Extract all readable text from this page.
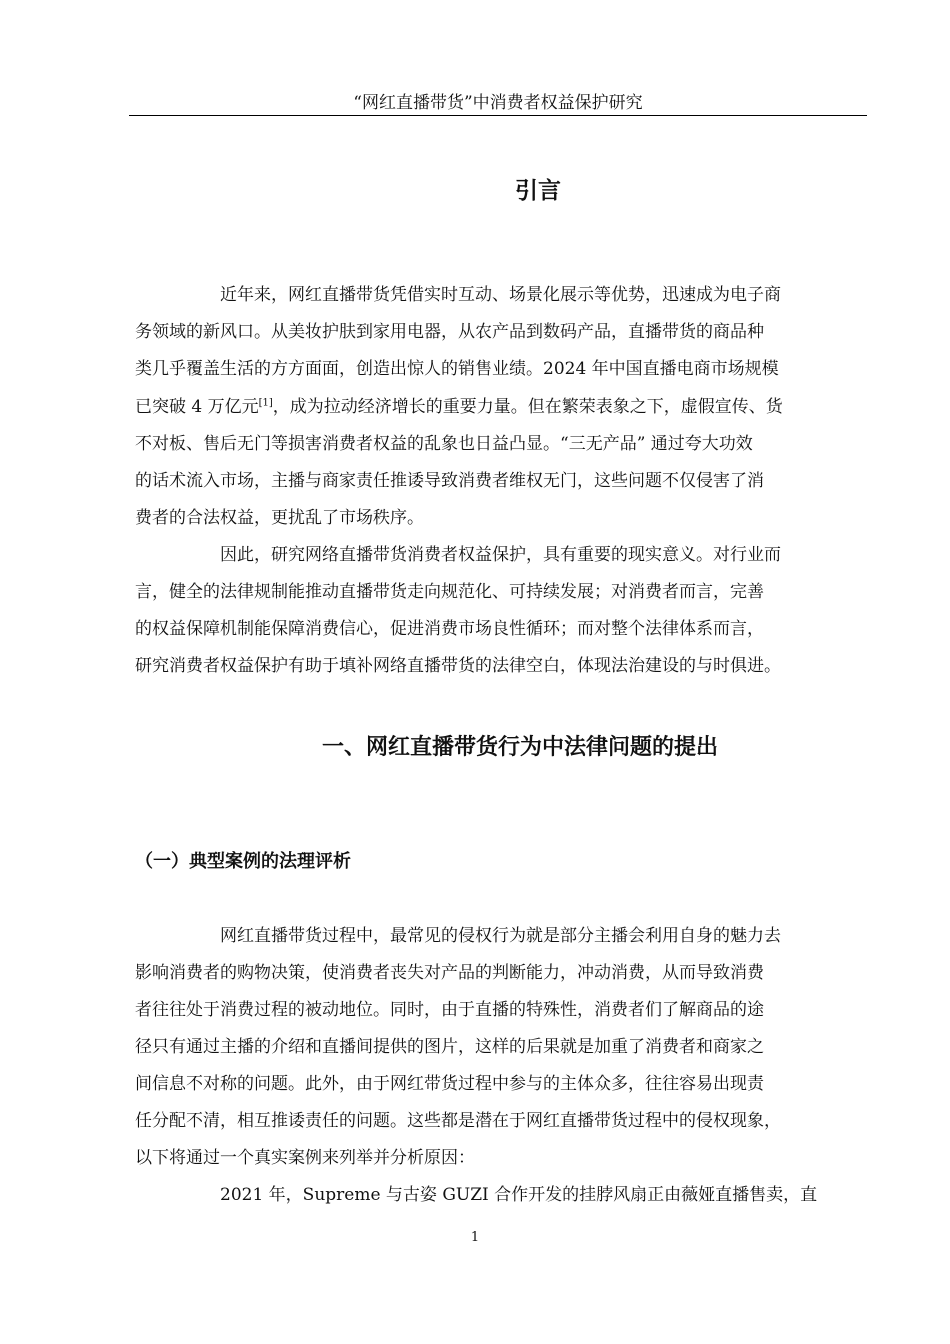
“网红直播带货”中消费者权益保护研究
引言
近年来，网红直播带货凭借实时互动、场景化展示等优势，迅速成为电子商
务领域的新风口。从美妆护肤到家用电器，从农产品到数码产品，直播带货的商品种
类几乎覆盖生活的方方面面，创造出惊人的销售业绩。2024 年中国直播电商市场规模
已突破 4 万亿元[1]，成为拉动经济增长的重要力量。但在繁荣表象之下，虚假宣传、货
不对板、售后无门等损害消费者权益的乱象也日益凸显。“三无产品” 通过夸大功效
的话术流入市场，主播与商家责任推诿导致消费者维权无门，这些问题不仅侵害了消
费者的合法权益，更扰乱了市场秩序。
因此，研究网络直播带货消费者权益保护，具有重要的现实意义。对行业而
言，健全的法律规制能推动直播带货走向规范化、可持续发展；对消费者而言，完善
的权益保障机制能保障消费信心，促进消费市场良性循环；而对整个法律体系而言，
研究消费者权益保护有助于填补网络直播带货的法律空白，体现法治建设的与时俱进。
一、网红直播带货行为中法律问题的提出
（一）典型案例的法理评析
网红直播带货过程中，最常见的侵权行为就是部分主播会利用自身的魅力去
影响消费者的购物决策，使消费者丧失对产品的判断能力，冲动消费，从而导致消费
者往往处于消费过程的被动地位。同时，由于直播的特殊性，消费者们了解商品的途
径只有通过主播的介绍和直播间提供的图片，这样的后果就是加重了消费者和商家之
间信息不对称的问题。此外，由于网红带货过程中参与的主体众多，往往容易出现责
任分配不清，相互推诿责任的问题。这些都是潜在于网红直播带货过程中的侵权现象，
以下将通过一个真实案例来列举并分析原因：
2021 年，Supreme 与古姿 GUZI 合作开发的挂脖风扇正由薇娅直播售卖，直
1
